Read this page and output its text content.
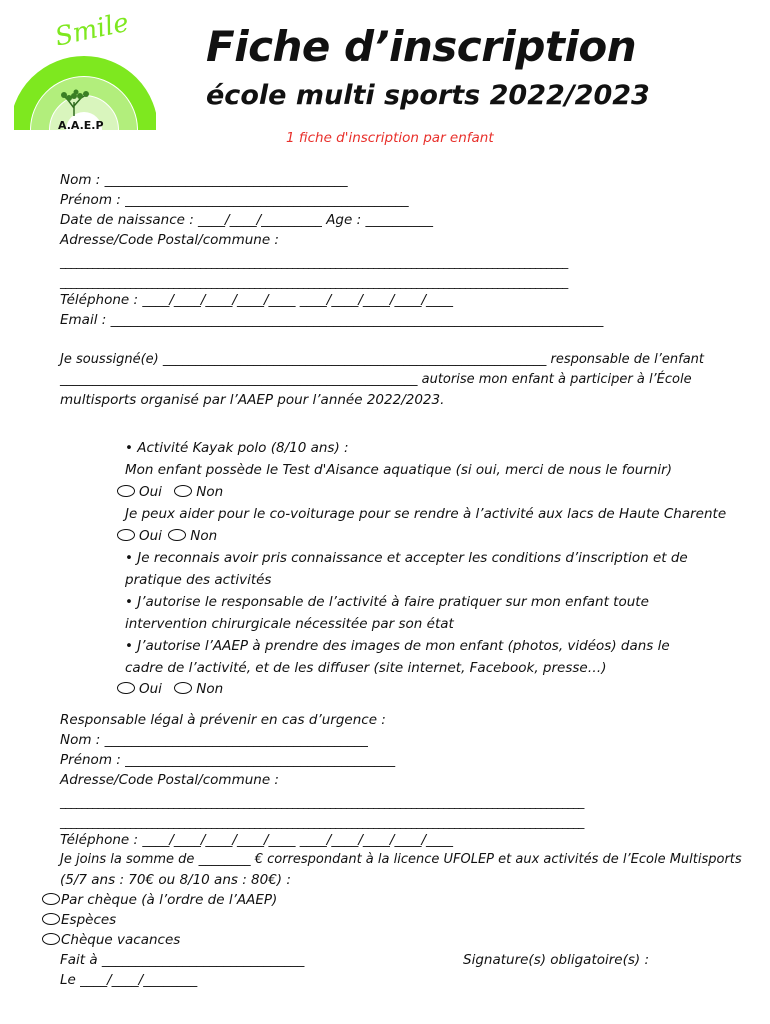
Smile
A.A.E.P
Fiche d’inscription
école multi sports 2022/2023
1 fiche d'inscription par enfant
Nom : ____________________________________
Prénom : __________________________________________
Date de naissance : ____/____/_________ Age : __________
Adresse/Code Postal/commune :
______________________________________________________________________________________________
______________________________________________________________________________________________
Téléphone : ____/____/____/____/____ ____/____/____/____/____
Email : _________________________________________________________________________
Je soussigné(e) ___________________________________________________________ responsable de l’enfant
_______________________________________________________ autorise mon enfant à participer à l’École
multisports organisé par l’AAEP pour l’année 2022/2023.
• Activité Kayak polo (8/10 ans) :
Mon enfant possède le Test d'Aisance aquatique (si oui, merci de nous le fournir)
Oui	Non
Je peux aider pour le co-voiturage pour se rendre à l’activité aux lacs de Haute Charente
Oui Non
• Je reconnais avoir pris connaissance et accepter les conditions d’inscription et de
pratique des activités
• J’autorise le responsable de l’activité à faire pratiquer sur mon enfant toute
intervention chirurgicale nécessitée par son état
• J’autorise l’AAEP à prendre des images de mon enfant (photos, vidéos) dans le
cadre de l’activité, et de les diffuser (site internet, Facebook, presse…)
Oui	Non
Responsable légal à prévenir en cas d’urgence :
Nom : _______________________________________
Prénom : ________________________________________
Adresse/Code Postal/commune :
_________________________________________________________________________________________________
_________________________________________________________________________________________________
Téléphone : ____/____/____/____/____ ____/____/____/____/____
Je joins la somme de ________ € correspondant à la licence UFOLEP et aux activités de l’Ecole Multisports
(5/7 ans : 70€ ou 8/10 ans : 80€) :
Par chèque (à l’ordre de l’AAEP)
Espèces
Chèque vacances
Fait à ______________________________	Signature(s) obligatoire(s) :
Le ____/____/________
